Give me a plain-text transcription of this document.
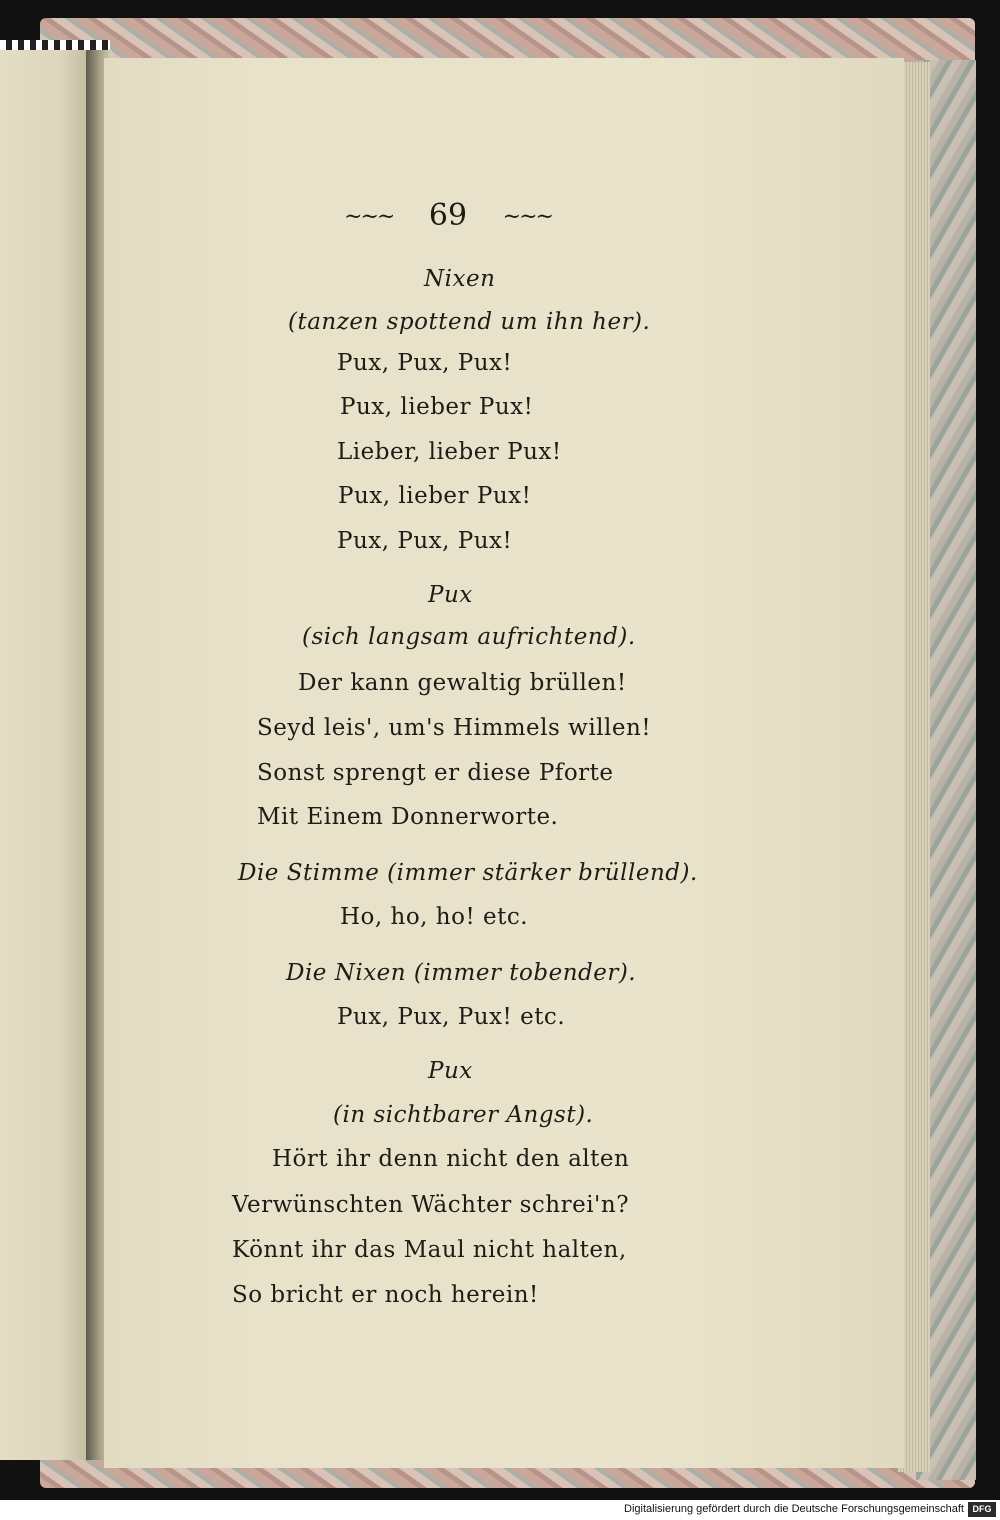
~~~ 69 ~~~
Nixen
(tanzen spottend um ihn her).
Pux, Pux, Pux!
Pux, lieber Pux!
Lieber, lieber Pux!
Pux, lieber Pux!
Pux, Pux, Pux!
Pux
(sich langsam aufrichtend).
Der kann gewaltig brüllen!
Seyd leis', um's Himmels willen!
Sonst sprengt er diese Pforte
Mit Einem Donnerworte.
Die Stimme (immer stärker brüllend).
Ho, ho, ho! etc.
Die Nixen (immer tobender).
Pux, Pux, Pux! etc.
Pux
(in sichtbarer Angst).
Hört ihr denn nicht den alten
Verwünschten Wächter schrei'n?
Könnt ihr das Maul nicht halten,
So bricht er noch herein!
Digitalisierung gefördert durch die Deutsche Forschungsgemeinschaft DFG
